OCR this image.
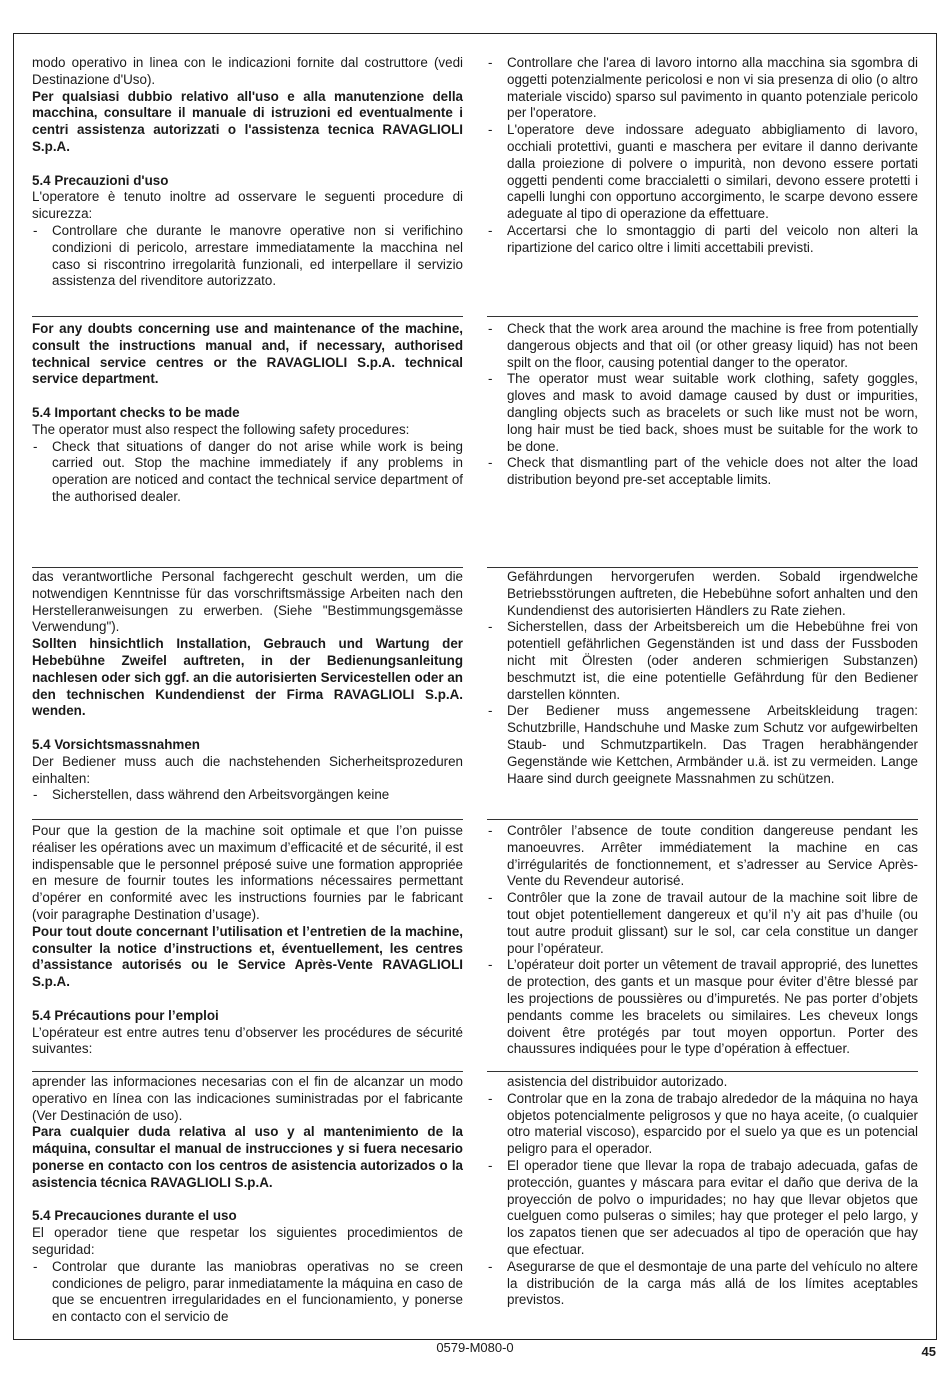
modo operativo in linea con le indicazioni fornite dal costruttore (vedi Destinazione d'Uso).

Per qualsiasi dubbio relativo all'uso e alla manutenzione della macchina, consultare il manuale di istruzioni ed eventualmente i centri assistenza autorizzati o l'assistenza tecnica RAVAGLIOLI S.p.A.

5.4 Precauzioni d'uso

L'operatore è tenuto inoltre ad osservare le seguenti procedure di sicurezza:

- Controllare che durante le manovre operative non si verifichino condizioni di pericolo, arrestare immediatamente la macchina nel caso si riscontrino irregolarità funzionali, ed interpellare il servizio assistenza del rivenditore autorizzato.
- Controllare che l'area di lavoro intorno alla macchina sia sgombra di oggetti potenzialmente pericolosi e non vi sia presenza di olio (o altro materiale viscido) sparso sul pavimento in quanto potenziale pericolo per l'operatore.
- L'operatore deve indossare adeguato abbigliamento di lavoro, occhiali protettivi, guanti e maschera per evitare il danno derivante dalla proiezione di polvere o impurità, non devono essere portati oggetti pendenti come braccialetti o similari, devono essere protetti i capelli lunghi con opportuno accorgimento, le scarpe devono essere adeguate al tipo di operazione da effettuare.
- Accertarsi che lo smontaggio di parti del veicolo non alteri la ripartizione del carico oltre i limiti accettabili previsti.

For any doubts concerning use and maintenance of the machine, consult the instructions manual and, if necessary, authorised technical service centres or the RAVAGLIOLI S.p.A. technical service department.

5.4 Important checks to be made

The operator must also respect the following safety procedures:

- Check that situations of danger do not arise while work is being carried out. Stop the machine immediately if any problems in operation are noticed and contact the technical service department of the authorised dealer.
- Check that the work area around the machine is free from potentially dangerous objects and that oil (or other greasy liquid) has not been spilt on the floor, causing potential danger to the operator.
- The operator must wear suitable work clothing, safety goggles, gloves and mask to avoid damage caused by dust or impurities, dangling objects such as bracelets or such like must not be worn, long hair must be tied back, shoes must be suitable for the work to be done.
- Check that dismantling part of the vehicle does not alter the load distribution beyond pre-set acceptable limits.

das verantwortliche Personal fachgerecht geschult werden, um die notwendigen Kenntnisse für das vorschriftsmässige Arbeiten nach den Herstelleranweisungen zu erwerben. (Siehe "Bestimmungsgemässe Verwendung").

Sollten hinsichtlich Installation, Gebrauch und Wartung der Hebebühne Zweifel auftreten, in der Bedienungsanleitung nachlesen oder sich ggf. an die autorisierten Servicestellen oder an den technischen Kundendienst der Firma RAVAGLIOLI S.p.A. wenden.

5.4 Vorsichtsmassnahmen

Der Bediener muss auch die nachstehenden Sicherheitsprozeduren einhalten:

- Sicherstellen, dass während den Arbeitsvorgängen keine

Gefährdungen hervorgerufen werden. Sobald irgendwelche Betriebsstörungen auftreten, die Hebebühne sofort anhalten und den Kundendienst des autorisierten Händlers zu Rate ziehen.

- Sicherstellen, dass der Arbeitsbereich um die Hebebühne frei von potentiell gefährlichen Gegenständen ist und dass der Fussboden nicht mit Ölresten (oder anderen schmierigen Substanzen) beschmutzt ist, die eine potentielle Gefährdung für den Bediener darstellen könnten.
- Der Bediener muss angemessene Arbeitskleidung tragen: Schutzbrille, Handschuhe und Maske zum Schutz vor aufgewirbelten Staub- und Schmutzpartikeln. Das Tragen herabhängender Gegenstände wie Kettchen, Armbänder u.ä. ist zu vermeiden. Lange Haare sind durch geeignete Massnahmen zu schützen.

Pour que la gestion de la machine soit optimale et que l’on puisse réaliser les opérations avec un maximum d’efficacité et de sécurité, il est indispensable que le personnel préposé suive une formation appropriée en mesure de fournir toutes les informations nécessaires permettant d’opérer en conformité avec les instructions fournies par le fabricant (voir paragraphe Destination d’usage).

Pour tout doute concernant l’utilisation et l’entretien de la machine, consulter la notice d’instructions et, éventuellement, les centres d’assistance autorisés ou le Service Après-Vente RAVAGLIOLI S.p.A.

5.4 Précautions pour l’emploi

L’opérateur est entre autres tenu d’observer les procédures de sécurité suivantes:

- Contrôler l’absence de toute condition dangereuse pendant les manoeuvres. Arrêter immédiatement la machine en cas d’irrégularités de fonctionnement, et s’adresser au Service Après-Vente du Revendeur autorisé.
- Contrôler que la zone de travail autour de la machine soit libre de tout objet potentiellement dangereux et qu’il n’y ait pas d’huile (ou tout autre produit glissant) sur le sol, car cela constitue un danger pour l’opérateur.
- L’opérateur doit porter un vêtement de travail approprié, des lunettes de protection, des gants et un masque pour éviter d’être blessé par les projections de poussières ou d’impuretés. Ne pas porter d’objets pendants comme les bracelets ou similaires. Les cheveux longs doivent être protégés par tout moyen opportun. Porter des chaussures indiquées pour le type d’opération à effectuer.

aprender las informaciones necesarias con el fin de alcanzar un modo operativo en línea con las indicaciones suministradas por el fabricante (Ver Destinación de uso).

Para cualquier duda relativa al uso y al mantenimiento de la máquina, consultar el manual de instrucciones y si fuera necesario ponerse en contacto con los centros de asistencia autorizados o la asistencia técnica RAVAGLIOLI S.p.A.

5.4 Precauciones durante el uso

El operador tiene que respetar los siguientes procedimientos de seguridad:

- Controlar que durante las maniobras operativas no se creen condiciones de peligro, parar inmediatamente la máquina en caso de que se encuentren irregularidades en el funcionamiento, y ponerse en contacto con el servicio de

asistencia del distribuidor autorizado.

- Controlar que en la zona de trabajo alrededor de la máquina no haya objetos potencialmente peligrosos y que no haya aceite, (o cualquier otro material viscoso), esparcido por el suelo ya que es un potencial peligro para el operador.
- El operador tiene que llevar la ropa de trabajo adecuada, gafas de protección, guantes y máscara para evitar el daño que deriva de la proyección de polvo o impuridades; no hay que llevar objetos que cuelguen como pulseras o similes; hay que proteger el pelo largo, y los zapatos tienen que ser adecuados al tipo de operación que hay que efectuar.
- Asegurarse de que el desmontaje de una parte del vehículo no altere la distribución de la carga más allá de los límites aceptables previstos.
0579-M080-0	45
